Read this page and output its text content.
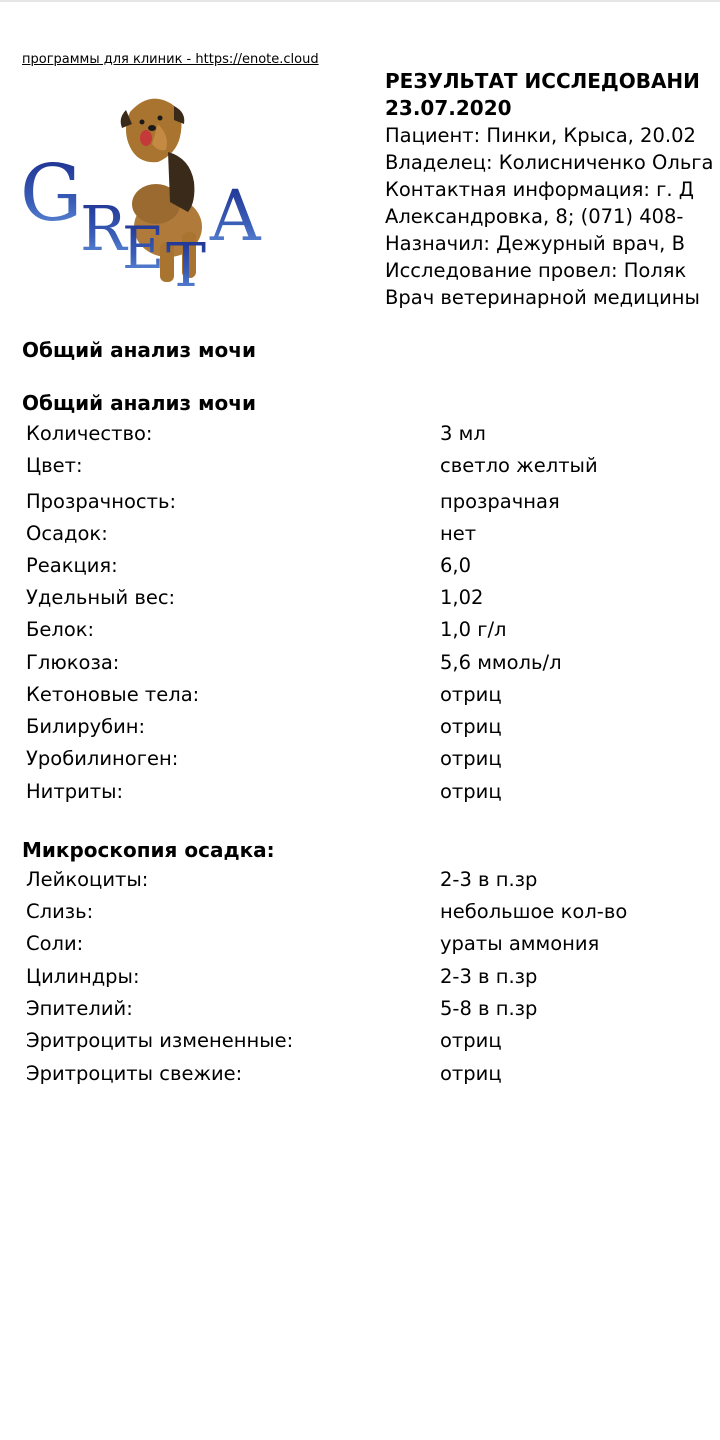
программы для клиник - https://enote.cloud
G
R
E T
A
РЕЗУЛЬТАТ ИССЛЕДОВАНИ
23.07.2020
Пациент: Пинки, Крыса, 20.02
Владелец: Колисниченко Ольга
Контактная информация: г. Д
Александровка, 8; (071) 408-
Назначил: Дежурный врач, В
Исследование провел: Поляк
Врач ветеринарной медицины
Общий анализ мочи
Общий анализ мочи
Количество:	3 мл
Цвет:	светло желтый
Прозрачность:	прозрачная
Осадок:	нет
Реакция:	6,0
Удельный вес:	1,02
Белок:	1,0 г/л
Глюкоза:	5,6 ммоль/л
Кетоновые тела:	отриц
Билирубин:	отриц
Уробилиноген:	отриц
Нитриты:	отриц
Микроскопия осадка:
Лейкоциты:	2-3 в п.зр
Слизь:	небольшое кол-во
Соли:	ураты аммония
Цилиндры:	2-3 в п.зр
Эпителий:	5-8 в п.зр
Эритроциты измененные:	отриц
Эритроциты свежие:	отриц
